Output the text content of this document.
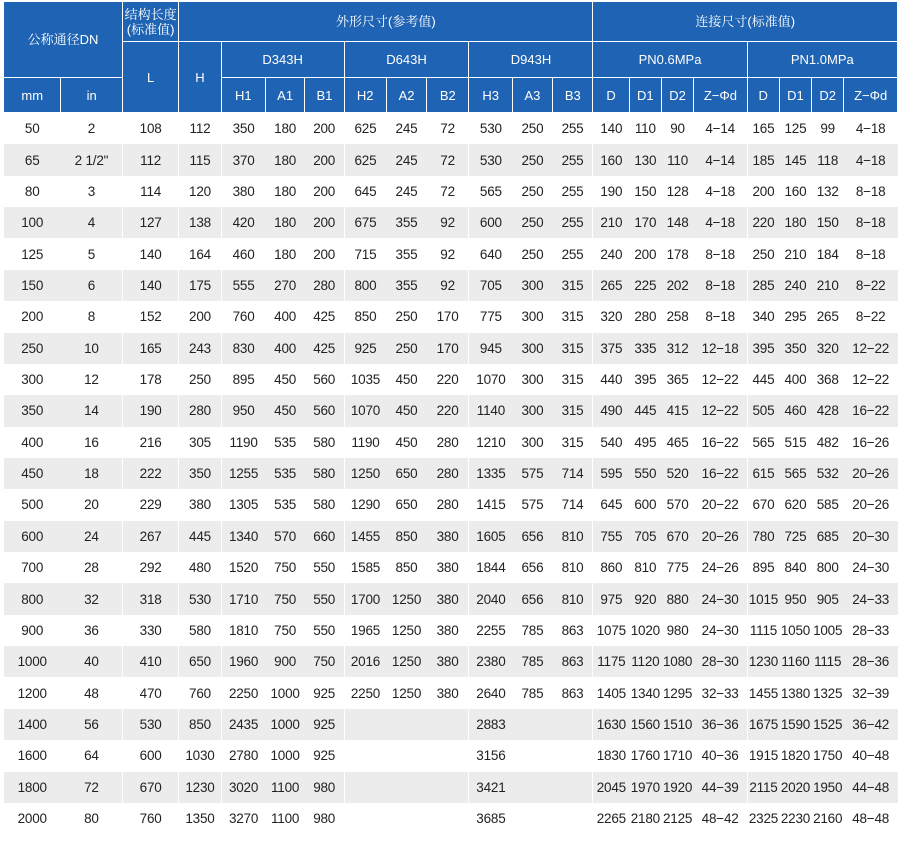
公称通径DN		结构长度(标准值)	外形尺寸(参考值)										连接尺寸(标准值)							
		L	H	D343H			D643H			D943H			PN0.6MPa				PN1.0MPa			
mm	in			H1	A1	B1	H2	A2	B2	H3	A3	B3	D	D1	D2	Z−Φd	D	D1	D2	Z−Φd
50	2	108	112	350	180	200	625	245	72	530	250	255	140	110	90	4−14	165	125	99	4−18
65	2 1/2"	112	115	370	180	200	625	245	72	530	250	255	160	130	110	4−14	185	145	118	4−18
80	3	114	120	380	180	200	645	245	72	565	250	255	190	150	128	4−18	200	160	132	8−18
100	4	127	138	420	180	200	675	355	92	600	250	255	210	170	148	4−18	220	180	150	8−18
125	5	140	164	460	180	200	715	355	92	640	250	255	240	200	178	8−18	250	210	184	8−18
150	6	140	175	555	270	280	800	355	92	705	300	315	265	225	202	8−18	285	240	210	8−22
200	8	152	200	760	400	425	850	250	170	775	300	315	320	280	258	8−18	340	295	265	8−22
250	10	165	243	830	400	425	925	250	170	945	300	315	375	335	312	12−18	395	350	320	12−22
300	12	178	250	895	450	560	1035	450	220	1070	300	315	440	395	365	12−22	445	400	368	12−22
350	14	190	280	950	450	560	1070	450	220	1140	300	315	490	445	415	12−22	505	460	428	16−22
400	16	216	305	1190	535	580	1190	450	280	1210	300	315	540	495	465	16−22	565	515	482	16−26
450	18	222	350	1255	535	580	1250	650	280	1335	575	714	595	550	520	16−22	615	565	532	20−26
500	20	229	380	1305	535	580	1290	650	280	1415	575	714	645	600	570	20−22	670	620	585	20−26
600	24	267	445	1340	570	660	1455	850	380	1605	656	810	755	705	670	20−26	780	725	685	20−30
700	28	292	480	1520	750	550	1585	850	380	1844	656	810	860	810	775	24−26	895	840	800	24−30
800	32	318	530	1710	750	550	1700	1250	380	2040	656	810	975	920	880	24−30	1015	950	905	24−33
900	36	330	580	1810	750	550	1965	1250	380	2255	785	863	1075	1020	980	24−30	1115	1050	1005	28−33
1000	40	410	650	1960	900	750	2016	1250	380	2380	785	863	1175	1120	1080	28−30	1230	1160	1115	28−36
1200	48	470	760	2250	1000	925	2250	1250	380	2640	785	863	1405	1340	1295	32−33	1455	1380	1325	32−39
1400	56	530	850	2435	1000	925				2883			1630	1560	1510	36−36	1675	1590	1525	36−42
1600	64	600	1030	2780	1000	925				3156			1830	1760	1710	40−36	1915	1820	1750	40−48
1800	72	670	1230	3020	1100	980				3421			2045	1970	1920	44−39	2115	2020	1950	44−48
2000	80	760	1350	3270	1100	980				3685			2265	2180	2125	48−42	2325	2230	2160	48−48
